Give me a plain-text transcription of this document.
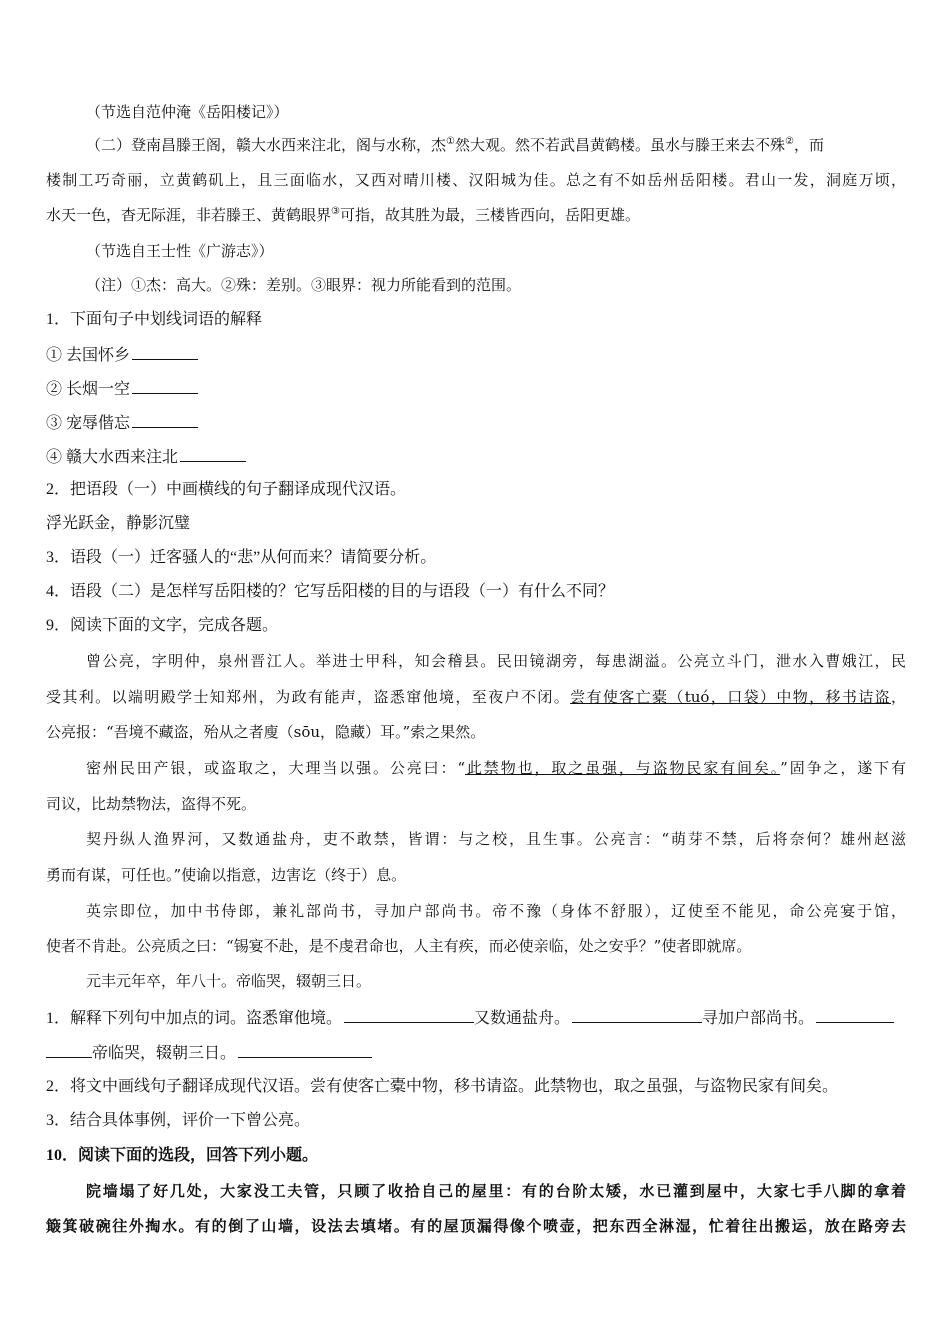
（节选自范仲淹《岳阳楼记》）
（二）登南昌滕王阁，赣大水西来注北，阁与水称，杰①然大观。然不若武昌黄鹤楼。虽水与滕王来去不殊②，而
楼制工巧奇丽，立黄鹤矶上，且三面临水，又西对晴川楼、汉阳城为佳。总之有不如岳州岳阳楼。君山一发，洞庭万顷，
水天一色，杳无际涯，非若滕王、黄鹤眼界③可指，故其胜为最，三楼皆西向，岳阳更雄。
（节选自王士性《广游志》）
（注）①杰：高大。②殊：差别。③眼界：视力所能看到的范围。
1．下面句子中划线词语的解释
① 去国怀乡
② 长烟一空
③ 宠辱偕忘
④ 赣大水西来注北
2．把语段（一）中画横线的句子翻译成现代汉语。
浮光跃金，静影沉璧
3．语段（一）迁客骚人的“悲”从何而来？请简要分析。
4．语段（二）是怎样写岳阳楼的？它写岳阳楼的目的与语段（一）有什么不同？
9．阅读下面的文字，完成各题。
曾公亮，字明仲，泉州晋江人。举进士甲科，知会稽县。民田镜湖旁，每患湖溢。公亮立斗门，泄水入曹娥江，民
受其利。以端明殿学士知郑州，为政有能声，盗悉窜他境，至夜户不闭。尝有使客亡橐（tuó，口袋）中物，移书诘盗，
公亮报：“吾境不藏盗，殆从之者廋（sōu，隐藏）耳。”索之果然。
密州民田产银，或盗取之，大理当以强。公亮曰：“此禁物也，取之虽强，与盗物民家有间矣。”固争之，遂下有
司议，比劫禁物法，盗得不死。
契丹纵人渔界河，又数通盐舟，吏不敢禁，皆谓：与之校，且生事。公亮言：“萌芽不禁，后将奈何？雄州赵滋
勇而有谋，可任也。”使谕以指意，边害讫（终于）息。
英宗即位，加中书侍郎，兼礼部尚书，寻加户部尚书。帝不豫（身体不舒服），辽使至不能见，命公亮宴于馆，
使者不肯赴。公亮质之曰：“锡宴不赴，是不虔君命也，人主有疾，而必使亲临，处之安乎？”使者即就席。
元丰元年卒，年八十。帝临哭，辍朝三日。
1．解释下列句中加点的词。盗悉窜他境。	又数通盐舟。	寻加户部尚书。
帝临哭，辍朝三日。
2．将文中画线句子翻译成现代汉语。尝有使客亡橐中物，移书请盗。此禁物也，取之虽强，与盗物民家有间矣。
3．结合具体事例，评价一下曾公亮。
10．阅读下面的选段，回答下列小题。
院墙塌了好几处，大家没工夫管，只顾了收拾自己的屋里：有的台阶太矮，水已灌到屋中，大家七手八脚的拿着
簸箕破碗往外掏水。有的倒了山墙，设法去填堵。有的屋顶漏得像个喷壶，把东西全淋湿，忙着往出搬运，放在路旁去
